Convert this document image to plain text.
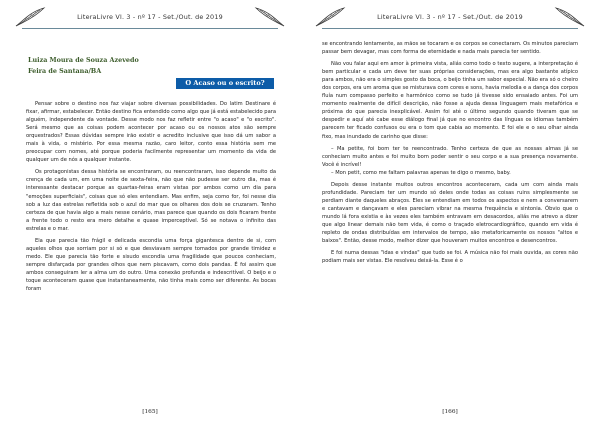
LiteraLivre Vl. 3 - nº 17 - Set./Out. de 2019
Luiza Moura de Souza Azevedo
Feira de Santana/BA
O Acaso ou o escrito?

Pensar sobre o destino nos faz viajar sobre diversas possibilidades. Do latim Destinare é fixar, afirmar, estabelecer. Então destino fica entendido como algo que já está estabelecido para alguém, independente da vontade. Desse modo nos faz refletir entre "o acaso" e "o escrito". Será mesmo que as coisas podem acontecer por acaso ou os nossos atos são sempre orquestrados? Essas dúvidas sempre irão existir e acredito inclusive que isso dá um sabor a mais à vida, o mistério. Por essa mesma razão, caro leitor, conto essa história sem me preocupar com nomes, até porque poderia facilmente representar um momento da vida de qualquer um de nós a qualquer instante.

Os protagonistas dessa história se encontraram, ou reencontraram, isso depende muito da crença de cada um, em uma noite de sexta-feira, não que não pudesse ser outro dia, mas é interessante destacar porque as quartas-feiras eram vistas por ambos como um dia para "emoções superficiais", coisas que só eles entendiam. Mas enfim, seja como for, foi nesse dia sob a luz das estrelas refletida sob o azul do mar que os olhares dos dois se cruzaram. Tenho certeza de que havia algo a mais nesse cenário, mas parece que quando os dois ficaram frente a frente todo o resto era mero detalhe e quase imperceptível. Só se notava o infinito das estrelas e o mar.

Ela que parecia tão frágil e delicada escondia uma força gigantesca dentro de si, com aqueles olhos que sorriam por si só e que desviavam sempre tomados por grande timidez e medo. Ele que parecia tão forte e sisudo escondia uma fragilidade que poucos conheciam, sempre disfarçada por grandes olhos que nem piscavam, como dois pandas. É foi assim que ambos conseguiram ler a alma um do outro. Uma conexão profunda e indescritível. O beijo e o toque aconteceram quase que instantaneamente, não tinha mais como ser diferente. As bocas foram

[165]
LiteraLivre Vl. 3 - nº 17 - Set./Out. de 2019

se encontrando lentamente, as mãos se tocaram e os corpos se conectaram. Os minutos pareciam passar bem devagar, mas com forma de eternidade e nada mais parecia ter sentido.

Não vou falar aqui em amor à primeira vista, aliás como todo o texto sugere, a interpretação é bem particular e cada um deve ter suas próprias considerações, mas era algo bastante atípico para ambos, não era o simples gosto da boca, o beijo tinha um sabor especial. Não era só o cheiro dos corpos, era um aroma que se misturava com cores e sons, havia melodia e a dança dos corpos fluía num compasso perfeito e harmônico como se tudo já tivesse sido ensaiado antes. Foi um momento realmente de difícil descrição, não fosse a ajuda dessa linguagem mais metafórica e próxima do que parecia inexplicável. Assim foi até o último segundo quando tiveram que se despedir e aquí até cabe esse diálogo final já que no encontro das línguas os idiomas também parecem ter ficado confusos ou era o tom que cabia ao momento. E foi ele e o seu olhar ainda fixo, mas inundado de carinho que disse:

– Ma petite, foi bom ter te reencontrado. Tenho certeza de que as nossas almas já se conheciam muito antes e foi muito bom poder sentir o seu corpo e a sua presença novamente. Você é incrível!

– Mon petit, como me faltam palavras apenas te digo o mesmo, baby.

Depois desse instante muitos outros encontros aconteceram, cada um com ainda mais profundidade. Pareciam ter um mundo só deles onde todas as coisas ruins simplesmente se perdiam diante daqueles abraços. Eles se entendiam em todos os aspectos e nem a conversarem e cantavam e dançavam e eles pareciam vibrar na mesma frequência e sintonia. Óbvio que o mundo lá fora existia e às vezes eles também entravam em desacordos, aliás me atrevo a dizer que algo linear demais não tem vida, é como o traçado eletrocardiográfico, quando em vida é repleto de ondas distribuídas em intervalos de tempo, são metaforicamente os nossos "altos e baixos". Então, desse modo, melhor dizer que houveram muitos encontros e desencontros.

E foi numa dessas "idas e vindas" que tudo se foi. A música não foi mais ouvida, as cores não podiam mais ser vistas. Ele resolveu deixá-la. Esse é o

[166]
